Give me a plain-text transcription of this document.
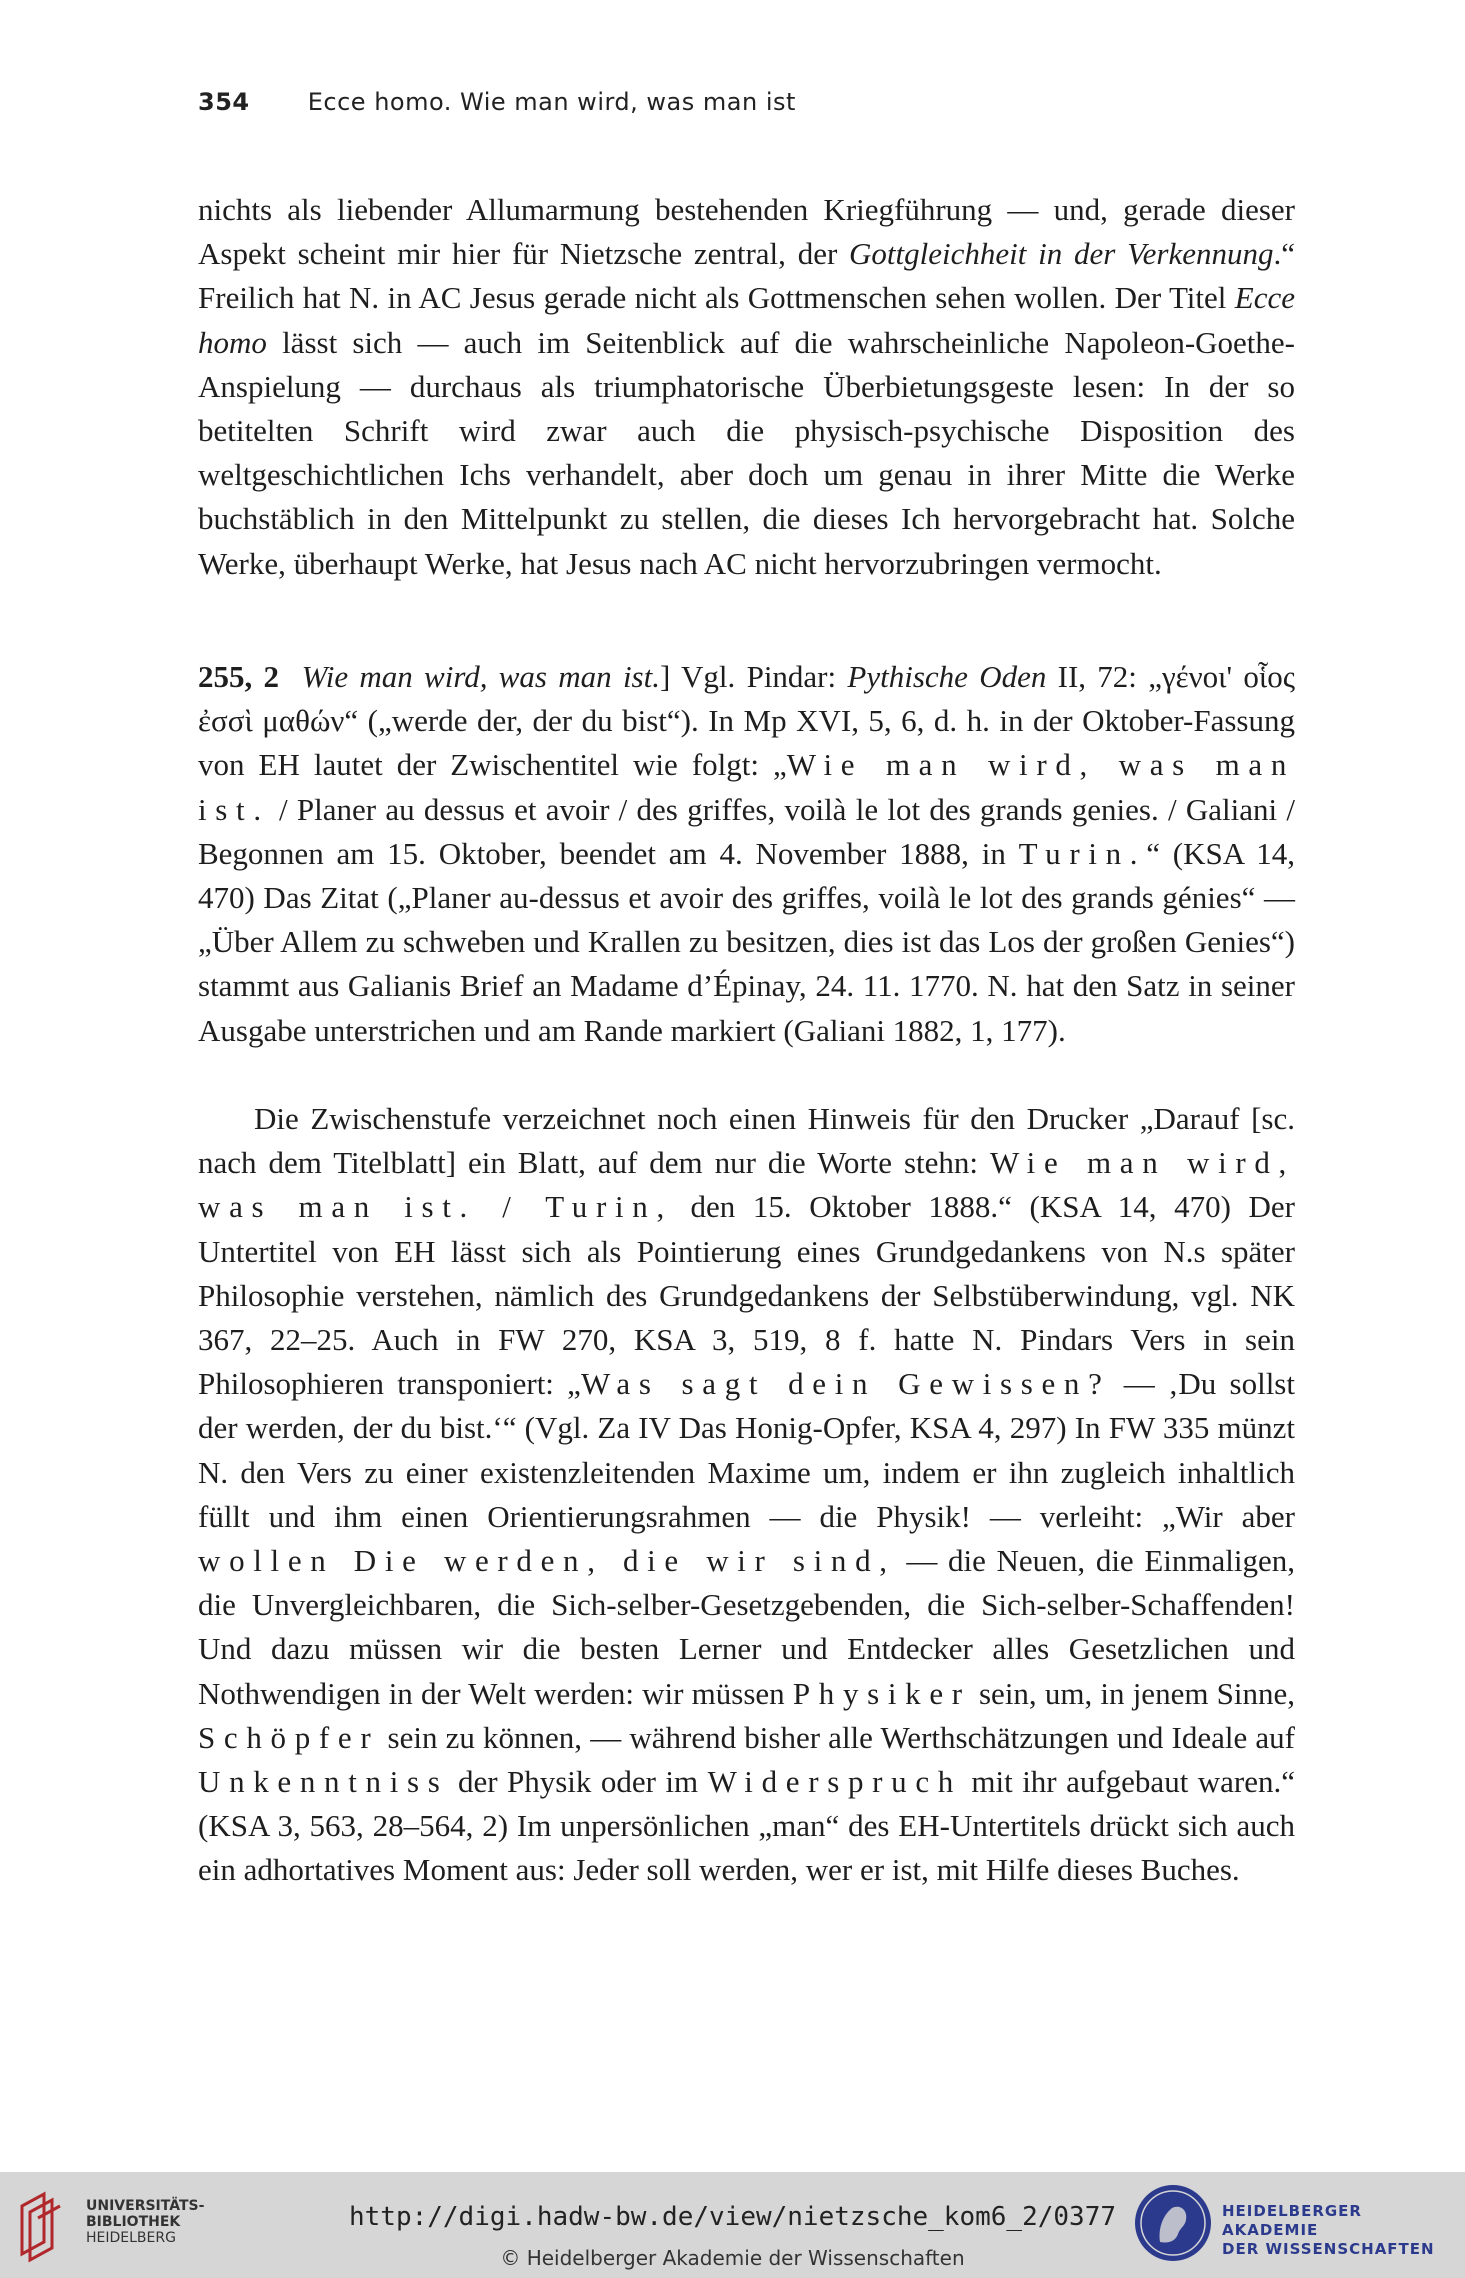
354 Ecce homo. Wie man wird, was man ist

nichts als liebender Allumarmung bestehenden Kriegführung — und, gerade dieser Aspekt scheint mir hier für Nietzsche zentral, der Gottgleichheit in der Verkennung.“ Freilich hat N. in AC Jesus gerade nicht als Gottmenschen sehen wollen. Der Titel Ecce homo lässt sich — auch im Seitenblick auf die wahrscheinliche Napoleon-Goethe-Anspielung — durchaus als triumphatorische Überbietungsgeste lesen: In der so betitelten Schrift wird zwar auch die physisch-psychische Disposition des weltgeschichtlichen Ichs verhandelt, aber doch um genau in ihrer Mitte die Werke buchstäblich in den Mittelpunkt zu stellen, die dieses Ich hervorgebracht hat. Solche Werke, überhaupt Werke, hat Jesus nach AC nicht hervorzubringen vermocht.

255, 2 Wie man wird, was man ist.] Vgl. Pindar: Pythische Oden II, 72: „γένοι' οἷος ἐσσὶ μαθών“ („werde der, der du bist“). In Mp XVI, 5, 6, d. h. in der Oktober-Fassung von EH lautet der Zwischentitel wie folgt: „Wie man wird, was man ist. / Planer au dessus et avoir / des griffes, voilà le lot des grands genies. / Galiani / Begonnen am 15. Oktober, beendet am 4. November 1888, in Turin.“ (KSA 14, 470) Das Zitat („Planer au-dessus et avoir des griffes, voilà le lot des grands génies“ — „Über Allem zu schweben und Krallen zu besitzen, dies ist das Los der großen Genies“) stammt aus Galianis Brief an Madame d’Épinay, 24. 11. 1770. N. hat den Satz in seiner Ausgabe unterstrichen und am Rande markiert (Galiani 1882, 1, 177).

Die Zwischenstufe verzeichnet noch einen Hinweis für den Drucker „Darauf [sc. nach dem Titelblatt] ein Blatt, auf dem nur die Worte stehn: Wie man wird, was man ist. / Turin, den 15. Oktober 1888.“ (KSA 14, 470) Der Untertitel von EH lässt sich als Pointierung eines Grundgedankens von N.s später Philosophie verstehen, nämlich des Grundgedankens der Selbstüberwindung, vgl. NK 367, 22–25. Auch in FW 270, KSA 3, 519, 8 f. hatte N. Pindars Vers in sein Philosophieren transponiert: „Was sagt dein Gewissen? — ‚Du sollst der werden, der du bist.‘“ (Vgl. Za IV Das Honig-Opfer, KSA 4, 297) In FW 335 münzt N. den Vers zu einer existenzleitenden Maxime um, indem er ihn zugleich inhaltlich füllt und ihm einen Orientierungsrahmen — die Physik! — verleiht: „Wir aber wollen Die werden, die wir sind, — die Neuen, die Einmaligen, die Unvergleichbaren, die Sich-selber-Gesetzgebenden, die Sich-selber-Schaffenden! Und dazu müssen wir die besten Lerner und Entdecker alles Gesetzlichen und Nothwendigen in der Welt werden: wir müssen Physiker sein, um, in jenem Sinne, Schöpfer sein zu können, — während bisher alle Werthschätzungen und Ideale auf Unkenntniss der Physik oder im Widerspruch mit ihr aufgebaut waren.“ (KSA 3, 563, 28–564, 2) Im unpersönlichen „man“ des EH-Untertitels drückt sich auch ein adhortatives Moment aus: Jeder soll werden, wer er ist, mit Hilfe dieses Buches.

UNIVERSITÄTS-
BIBLIOTHEK
HEIDELBERG
http://digi.hadw-bw.de/view/nietzsche_kom6_2/0377
© Heidelberger Akademie der Wissenschaften
HEIDELBERGER AKADEMIE
DER WISSENSCHAFTEN
